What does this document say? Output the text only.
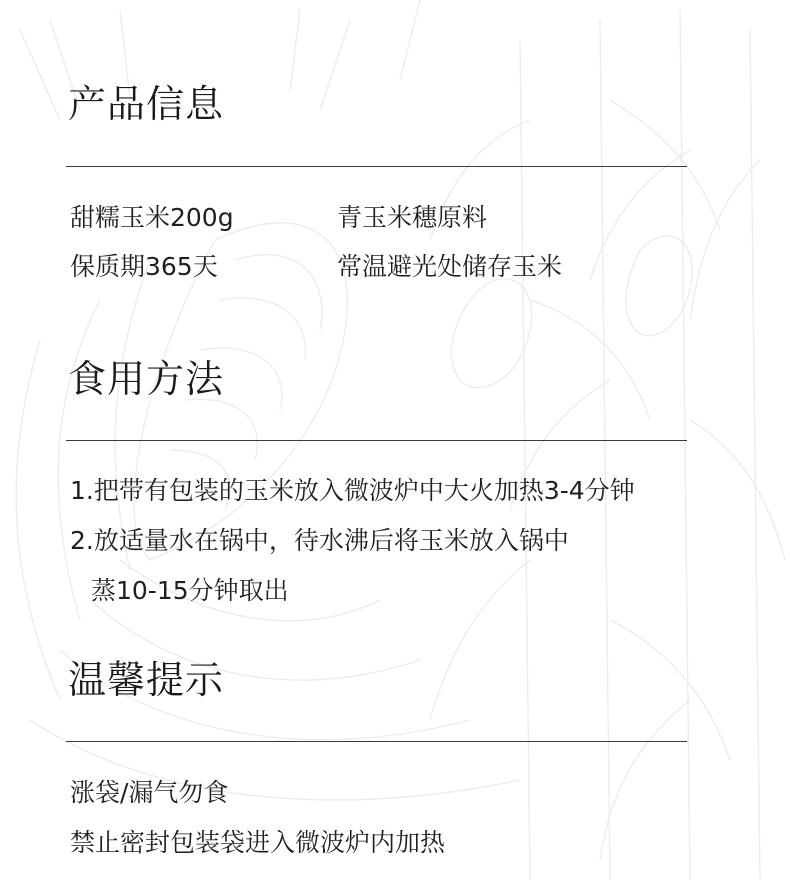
产品信息

甜糯玉米200g	青玉米穗原料

保质期365天	常温避光处储存玉米

食用方法

1.把带有包装的玉米放入微波炉中大火加热3-4分钟

2.放适量水在锅中，待水沸后将玉米放入锅中

蒸10-15分钟取出

温馨提示

涨袋/漏气勿食

禁止密封包装袋进入微波炉内加热
